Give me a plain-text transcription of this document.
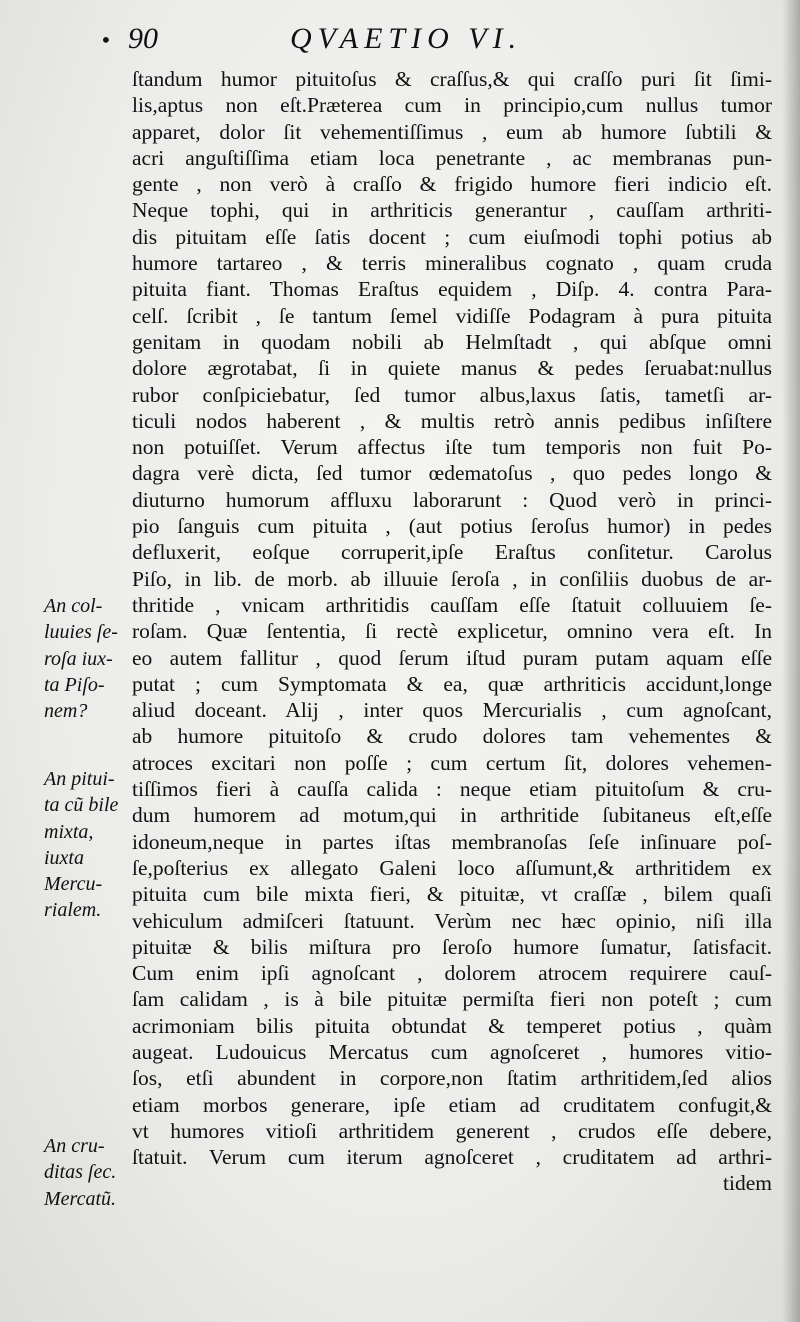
• 90	QVAETIO VI.
ſtandum humor pituitoſus & craſſus,& qui craſſo puri ſit ſimi-
lis,aptus non eſt.Præterea cum in principio,cum nullus tumor
apparet, dolor ſit vehementiſſimus , eum ab humore ſubtili &
acri anguſtiſſima etiam loca penetrante , ac membranas pun-
gente , non verò à craſſo & frigido humore fieri indicio eſt.
Neque tophi, qui in arthriticis generantur , cauſſam arthriti-
dis pituitam eſſe ſatis docent ; cum eiuſmodi tophi potius ab
humore tartareo , & terris mineralibus cognato , quam cruda
pituita fiant. Thomas Eraſtus equidem , Diſp. 4. contra Para-
celſ. ſcribit , ſe tantum ſemel vidiſſe Podagram à pura pituita
genitam in quodam nobili ab Helmſtadt , qui abſque omni
dolore ægrotabat, ſi in quiete manus & pedes ſeruabat:nullus
rubor conſpiciebatur, ſed tumor albus,laxus ſatis, tametſi ar-
ticuli nodos haberent , & multis retrò annis pedibus inſiſtere
non potuiſſet. Verum affectus iſte tum temporis non fuit Po-
dagra verè dicta, ſed tumor œdematoſus , quo pedes longo &
diuturno humorum affluxu laborarunt : Quod verò in princi-
pio ſanguis cum pituita , (aut potius ſeroſus humor) in pedes
defluxerit, eoſque corruperit,ipſe Eraſtus conſitetur. Carolus
Piſo, in lib. de morb. ab illuuie ſeroſa , in conſiliis duobus de ar-
thritide , vnicam arthritidis cauſſam eſſe ſtatuit colluuiem ſe-
roſam. Quæ ſententia, ſi rectè explicetur, omnino vera eſt. In
eo autem fallitur , quod ſerum iſtud puram putam aquam eſſe
putat ; cum Symptomata & ea, quæ arthriticis accidunt,longe
aliud doceant. Alij , inter quos Mercurialis , cum agnoſcant,
ab humore pituitoſo & crudo dolores tam vehementes &
atroces excitari non poſſe ; cum certum ſit, dolores vehemen-
tiſſimos fieri à cauſſa calida : neque etiam pituitoſum & cru-
dum humorem ad motum,qui in arthritide ſubitaneus eſt,eſſe
idoneum,neque in partes iſtas membranoſas ſeſe inſinuare poſ-
ſe,poſterius ex allegato Galeni loco aſſumunt,& arthritidem ex
pituita cum bile mixta fieri, & pituitæ, vt craſſæ , bilem quaſi
vehiculum admiſceri ſtatuunt. Verùm nec hæc opinio, niſi illa
pituitæ & bilis miſtura pro ſeroſo humore ſumatur, ſatisfacit.
Cum enim ipſi agnoſcant , dolorem atrocem requirere cauſ-
ſam calidam , is à bile pituitæ permiſta fieri non poteſt ; cum
acrimoniam bilis pituita obtundat & temperet potius , quàm
augeat. Ludouicus Mercatus cum agnoſceret , humores vitio-
ſos, etſi abundent in corpore,non ſtatim arthritidem,ſed alios
etiam morbos generare, ipſe etiam ad cruditatem confugit,&
vt humores vitioſi arthritidem generent , crudos eſſe debere,
ſtatuit. Verum cum iterum agnoſceret , cruditatem ad arthri-
tidem
An col-
luuies ſe-
roſa iux-
ta Piſo-
nem?
An pitui-
ta cũ bile
mixta,
iuxta
Mercu-
rialem.
An cru-
ditas ſec.
Mercatũ.
